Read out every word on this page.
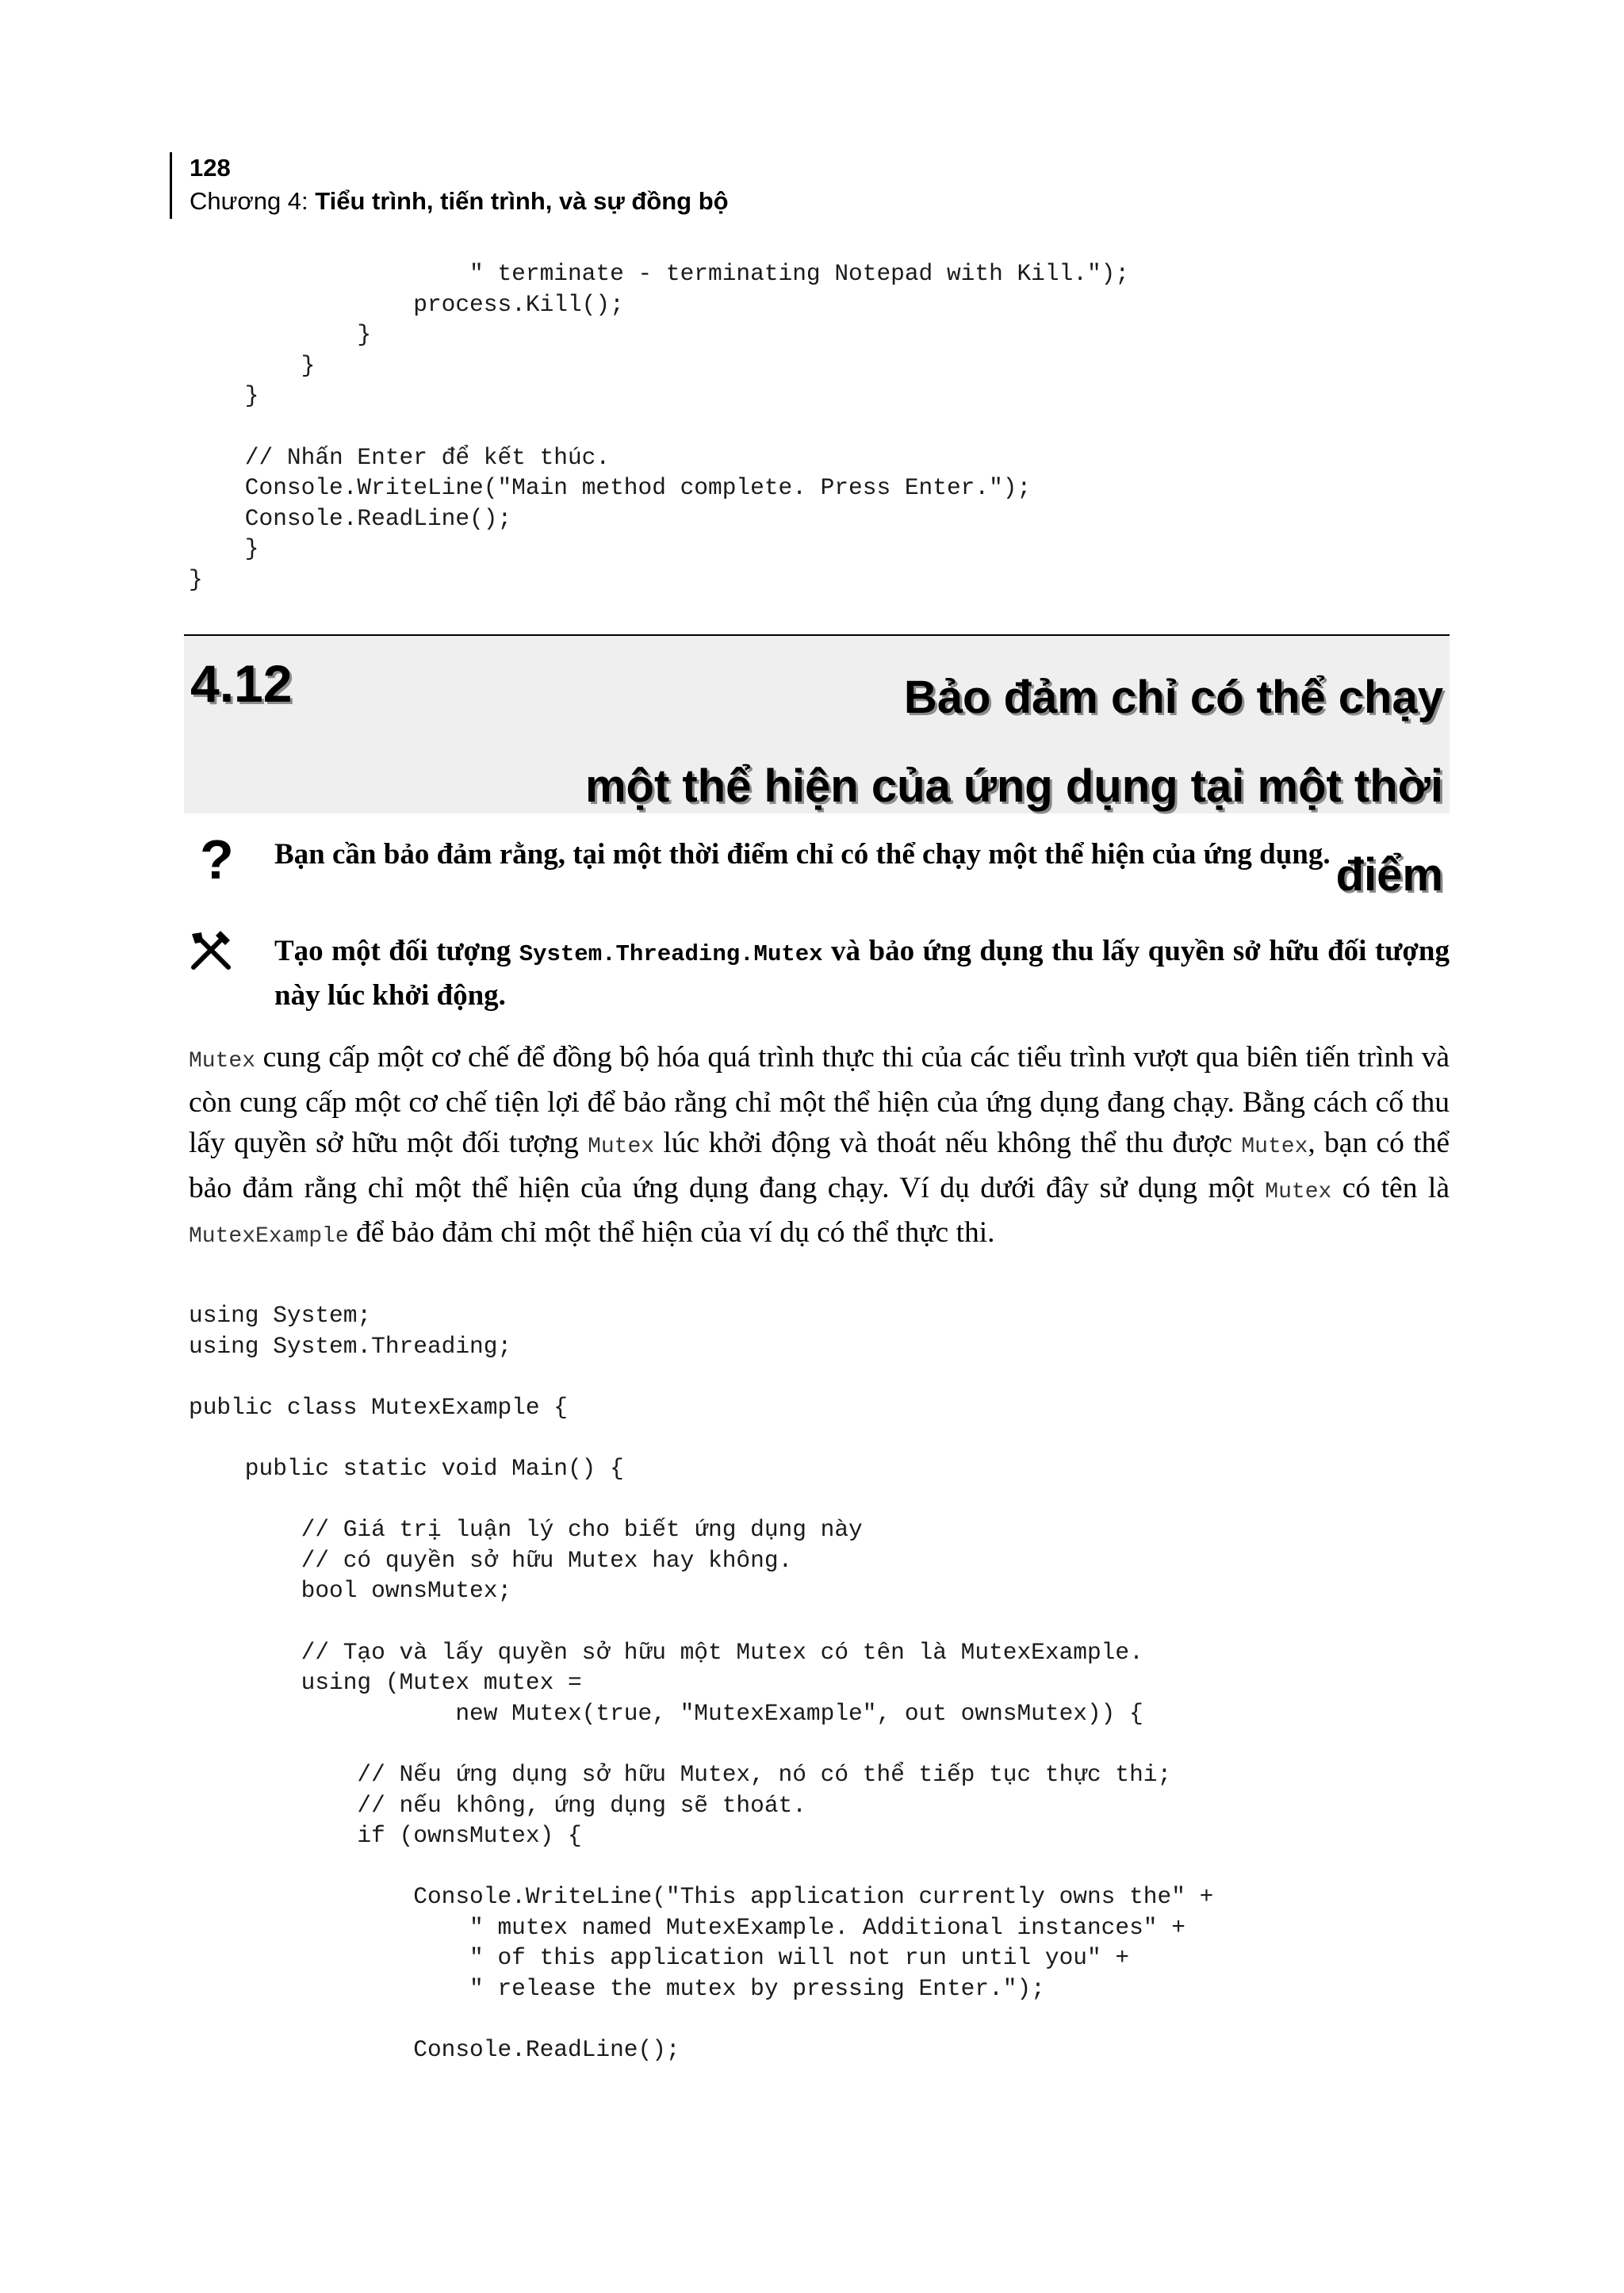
128
Chương 4: Tiểu trình, tiến trình, và sự đồng bộ
" terminate - terminating Notepad with Kill.");
process.Kill();
}
}
}

// Nhấn Enter để kết thúc.
Console.WriteLine("Main method complete. Press Enter.");
Console.ReadLine();
}
}
4.12	Bảo đảm chỉ có thể chạy
một thể hiện của ứng dụng tại một thời điểm
?	Bạn cần bảo đảm rằng, tại một thời điểm chỉ có thể chạy một thể hiện của ứng dụng.
Tạo một đối tượng System.Threading.Mutex và bảo ứng dụng thu lấy quyền sở hữu đối tượng này lúc khởi động.

Mutex cung cấp một cơ chế để đồng bộ hóa quá trình thực thi của các tiểu trình vượt qua biên tiến trình và còn cung cấp một cơ chế tiện lợi để bảo rằng chỉ một thể hiện của ứng dụng đang chạy. Bằng cách cố thu lấy quyền sở hữu một đối tượng Mutex lúc khởi động và thoát nếu không thể thu được Mutex, bạn có thể bảo đảm rằng chỉ một thể hiện của ứng dụng đang chạy. Ví dụ dưới đây sử dụng một Mutex có tên là MutexExample để bảo đảm chỉ một thể hiện của ví dụ có thể thực thi.

using System;
using System.Threading;

public class MutexExample {

public static void Main() {

// Giá trị luận lý cho biết ứng dụng này
// có quyền sở hữu Mutex hay không.
bool ownsMutex;

// Tạo và lấy quyền sở hữu một Mutex có tên là MutexExample.
using (Mutex mutex =
new Mutex(true, "MutexExample", out ownsMutex)) {

// Nếu ứng dụng sở hữu Mutex, nó có thể tiếp tục thực thi;
// nếu không, ứng dụng sẽ thoát.
if (ownsMutex) {

Console.WriteLine("This application currently owns the" +
" mutex named MutexExample. Additional instances" +
" of this application will not run until you" +
" release the mutex by pressing Enter.");

Console.ReadLine();
